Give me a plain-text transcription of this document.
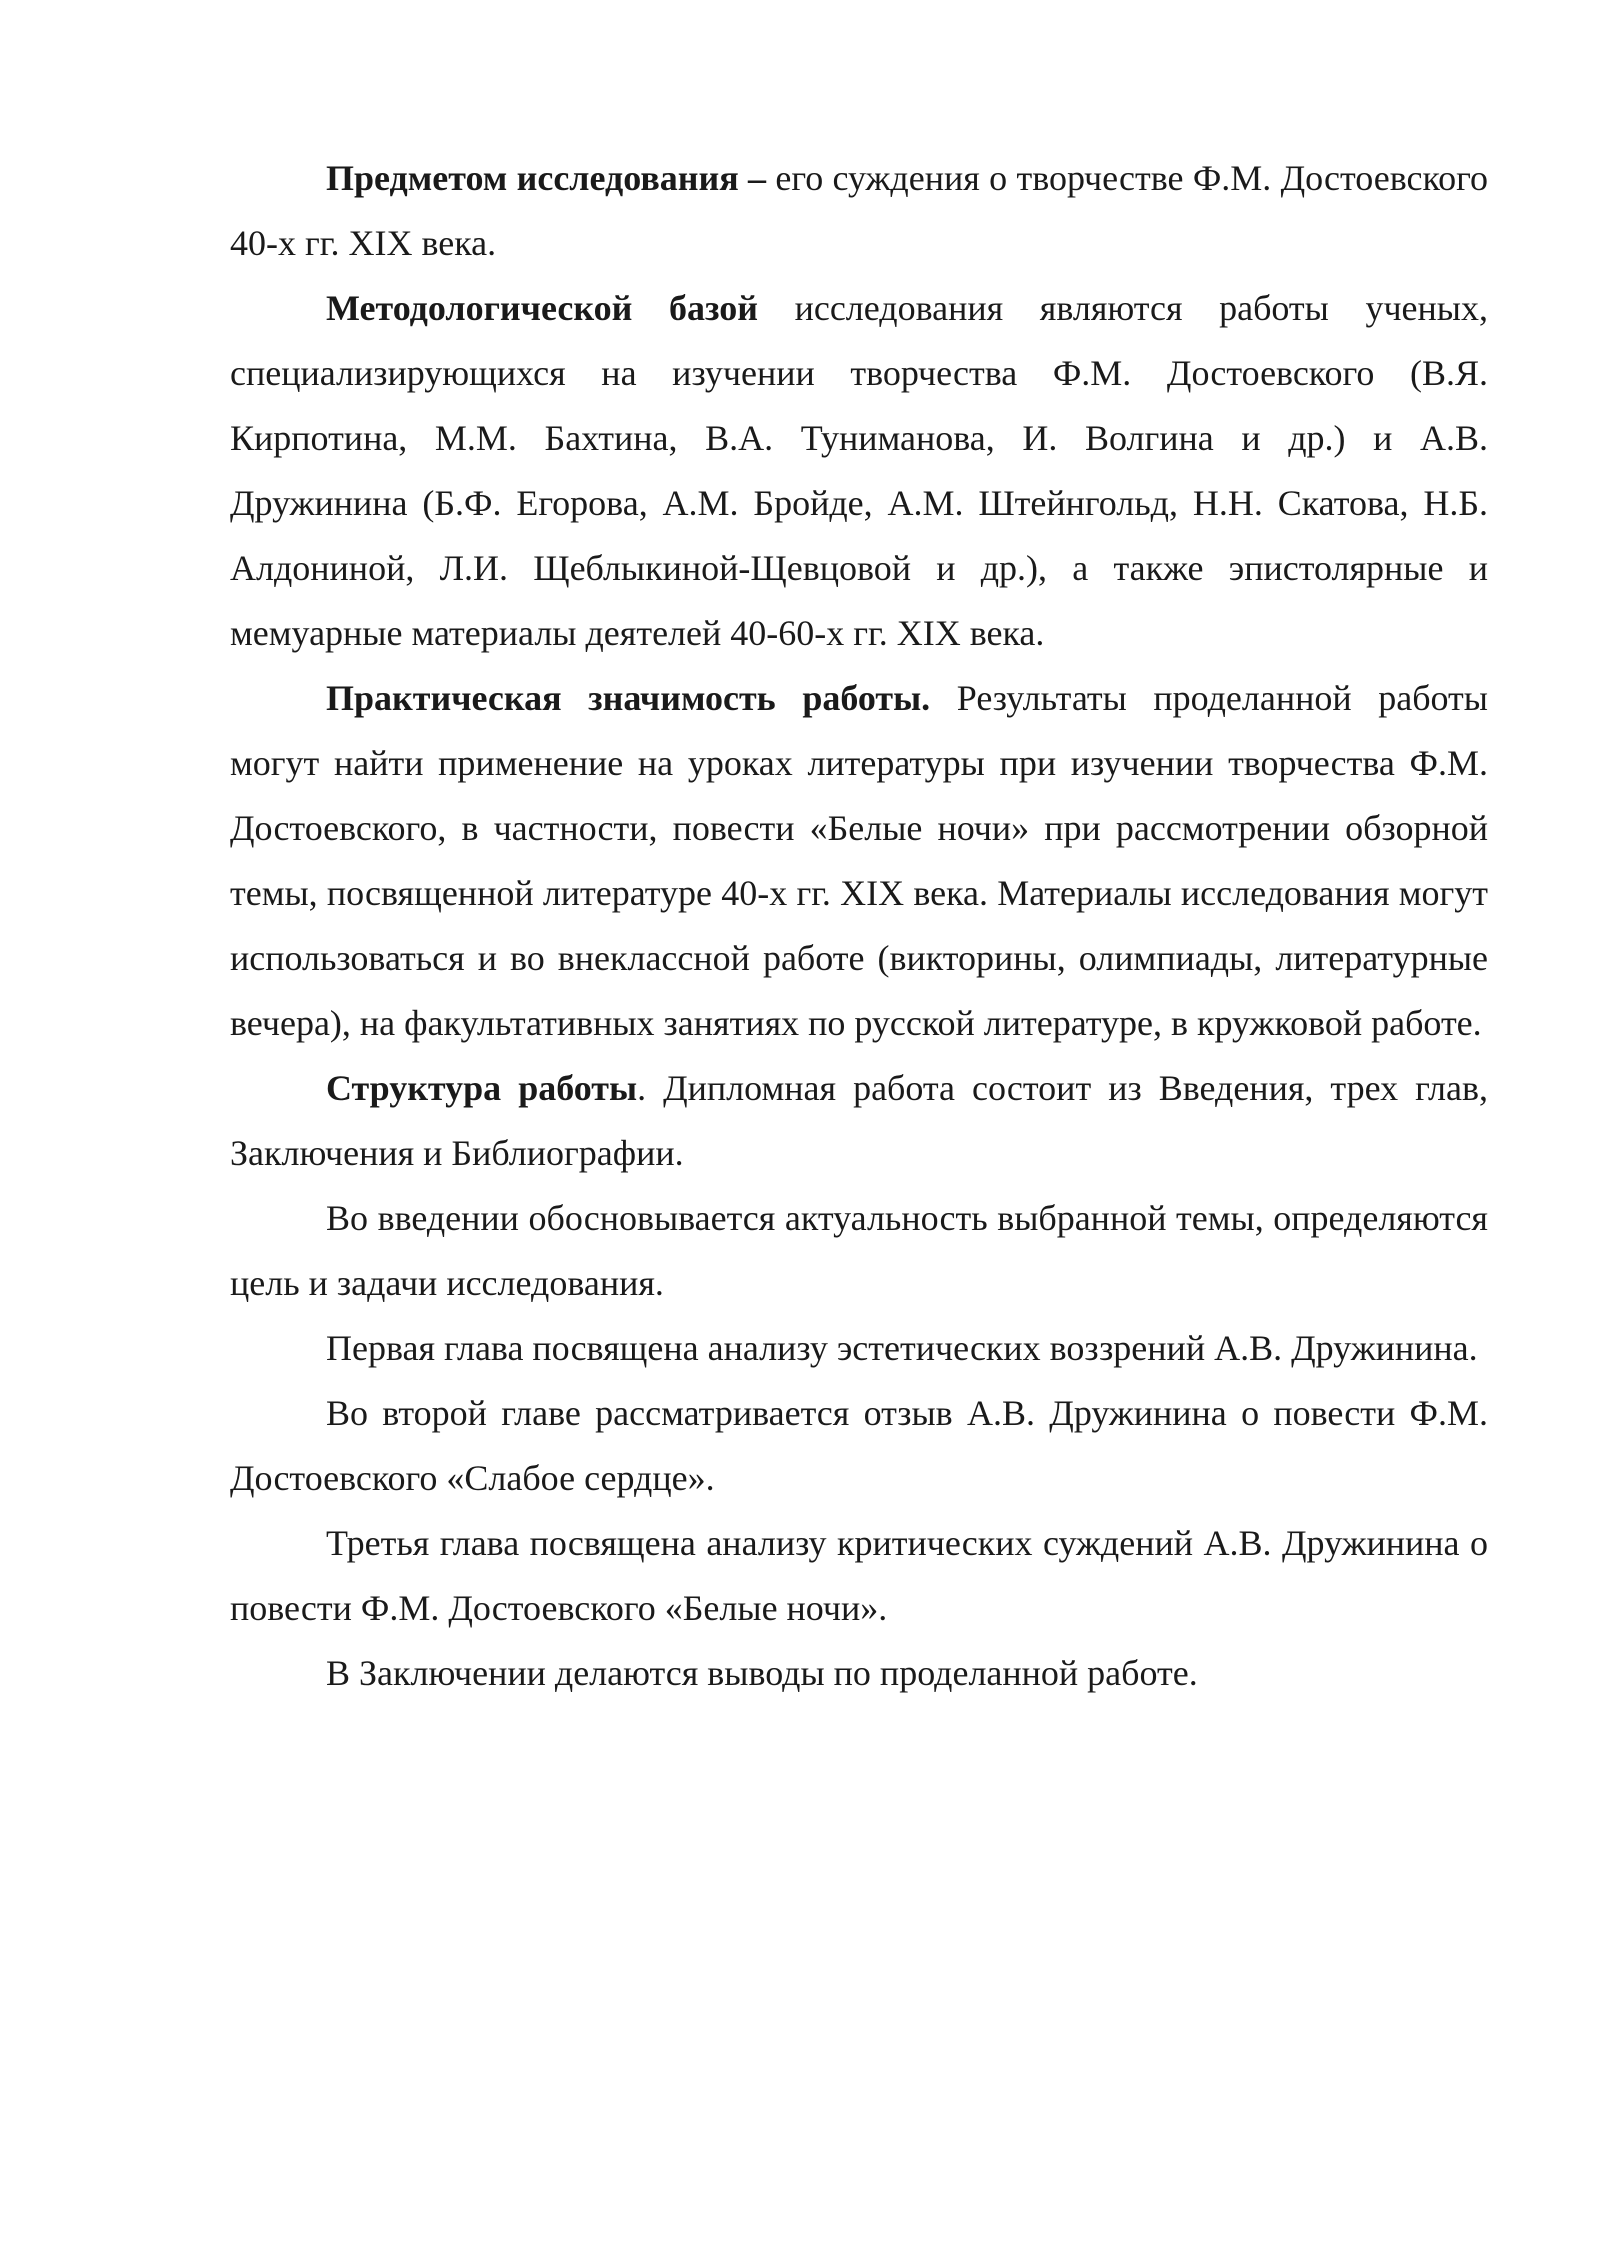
Предметом исследования – его суждения о творчестве Ф.М. Достоевского 40-х гг. XIX века.

Методологической базой исследования являются работы ученых, специализирующихся на изучении творчества Ф.М. Достоевского (В.Я. Кирпотина, М.М. Бахтина, В.А. Туниманова, И. Волгина и др.) и А.В. Дружинина (Б.Ф. Егорова, А.М. Бройде, А.М. Штейнгольд, Н.Н. Скатова, Н.Б. Алдониной, Л.И. Щеблыкиной-Щевцовой и др.), а также эпистолярные и мемуарные материалы деятелей 40-60-х гг. XIX века.

Практическая значимость работы. Результаты проделанной работы могут найти применение на уроках литературы при изучении творчества Ф.М. Достоевского, в частности, повести «Белые ночи» при рассмотрении обзорной темы, посвященной литературе 40-х гг. XIX века. Материалы исследования могут использоваться и во внеклассной работе (викторины, олимпиады, литературные вечера), на факультативных занятиях по русской литературе, в кружковой работе.

Структура работы. Дипломная работа состоит из Введения, трех глав, Заключения и Библиографии.

Во введении обосновывается актуальность выбранной темы, определяются цель и задачи исследования.

Первая глава посвящена анализу эстетических воззрений А.В. Дружинина.

Во второй главе рассматривается отзыв А.В. Дружинина о повести Ф.М. Достоевского «Слабое сердце».

Третья глава посвящена анализу критических суждений А.В. Дружинина о повести Ф.М. Достоевского «Белые ночи».

В Заключении делаются выводы по проделанной работе.
